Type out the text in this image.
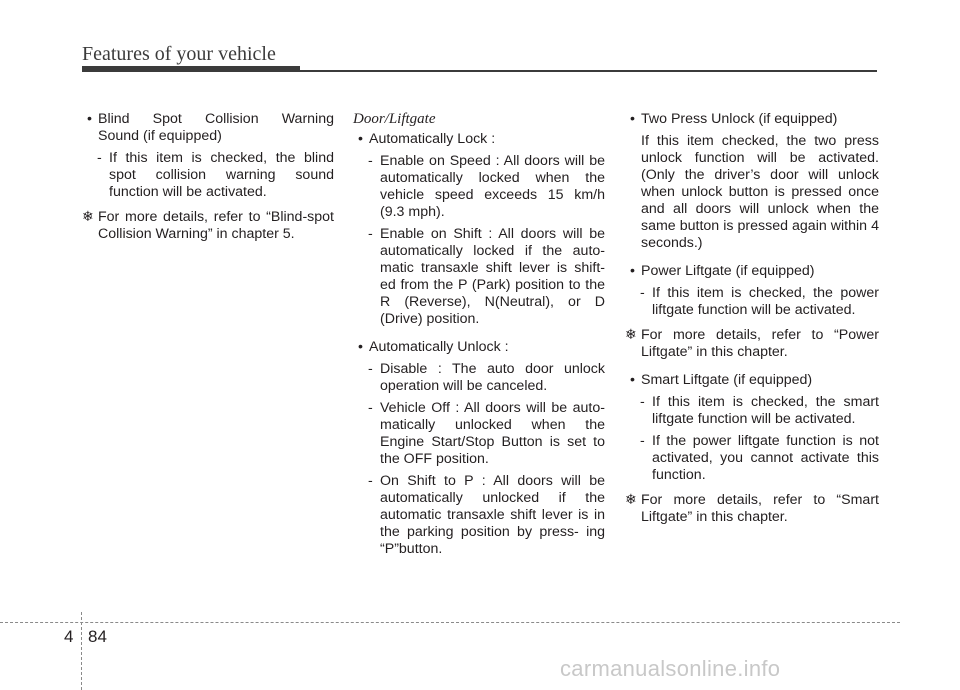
Features of your vehicle
• Blind Spot Collision Warning
Sound (if equipped)
- If this item is checked, the blind spot collision warning sound function will be activated.
❄ For more details, refer to “Blind-spot Collision Warning” in chapter 5.
Door/Liftgate
• Automatically Lock :
- Enable on Speed : All doors will be automatically locked when the vehicle speed exceeds 15 km/h (9.3 mph).
- Enable on Shift : All doors will be automatically locked if the auto- matic transaxle shift lever is shift- ed from the P (Park) position to the R (Reverse), N(Neutral), or D (Drive) position.
• Automatically Unlock :
- Disable : The auto door unlock operation will be canceled.
- Vehicle Off : All doors will be auto- matically unlocked when the Engine Start/Stop Button is set to the OFF position.
- On Shift to P : All doors will be automatically unlocked if the automatic transaxle shift lever is in the parking position by press- ing “P”button.
• Two Press Unlock (if equipped)
If this item checked, the two press unlock function will be activated. (Only the driver’s door will unlock when unlock button is pressed once and all doors will unlock when the same button is pressed again within 4 seconds.)
• Power Liftgate (if equipped)
- If this item is checked, the power liftgate function will be activated.
❄ For more details, refer to “Power Liftgate” in this chapter.
• Smart Liftgate (if equipped)
- If this item is checked, the smart liftgate function will be activated.
- If the power liftgate function is not activated, you cannot activate this function.
❄ For more details, refer to “Smart Liftgate” in this chapter.
4 84
carmanualsonline.info
